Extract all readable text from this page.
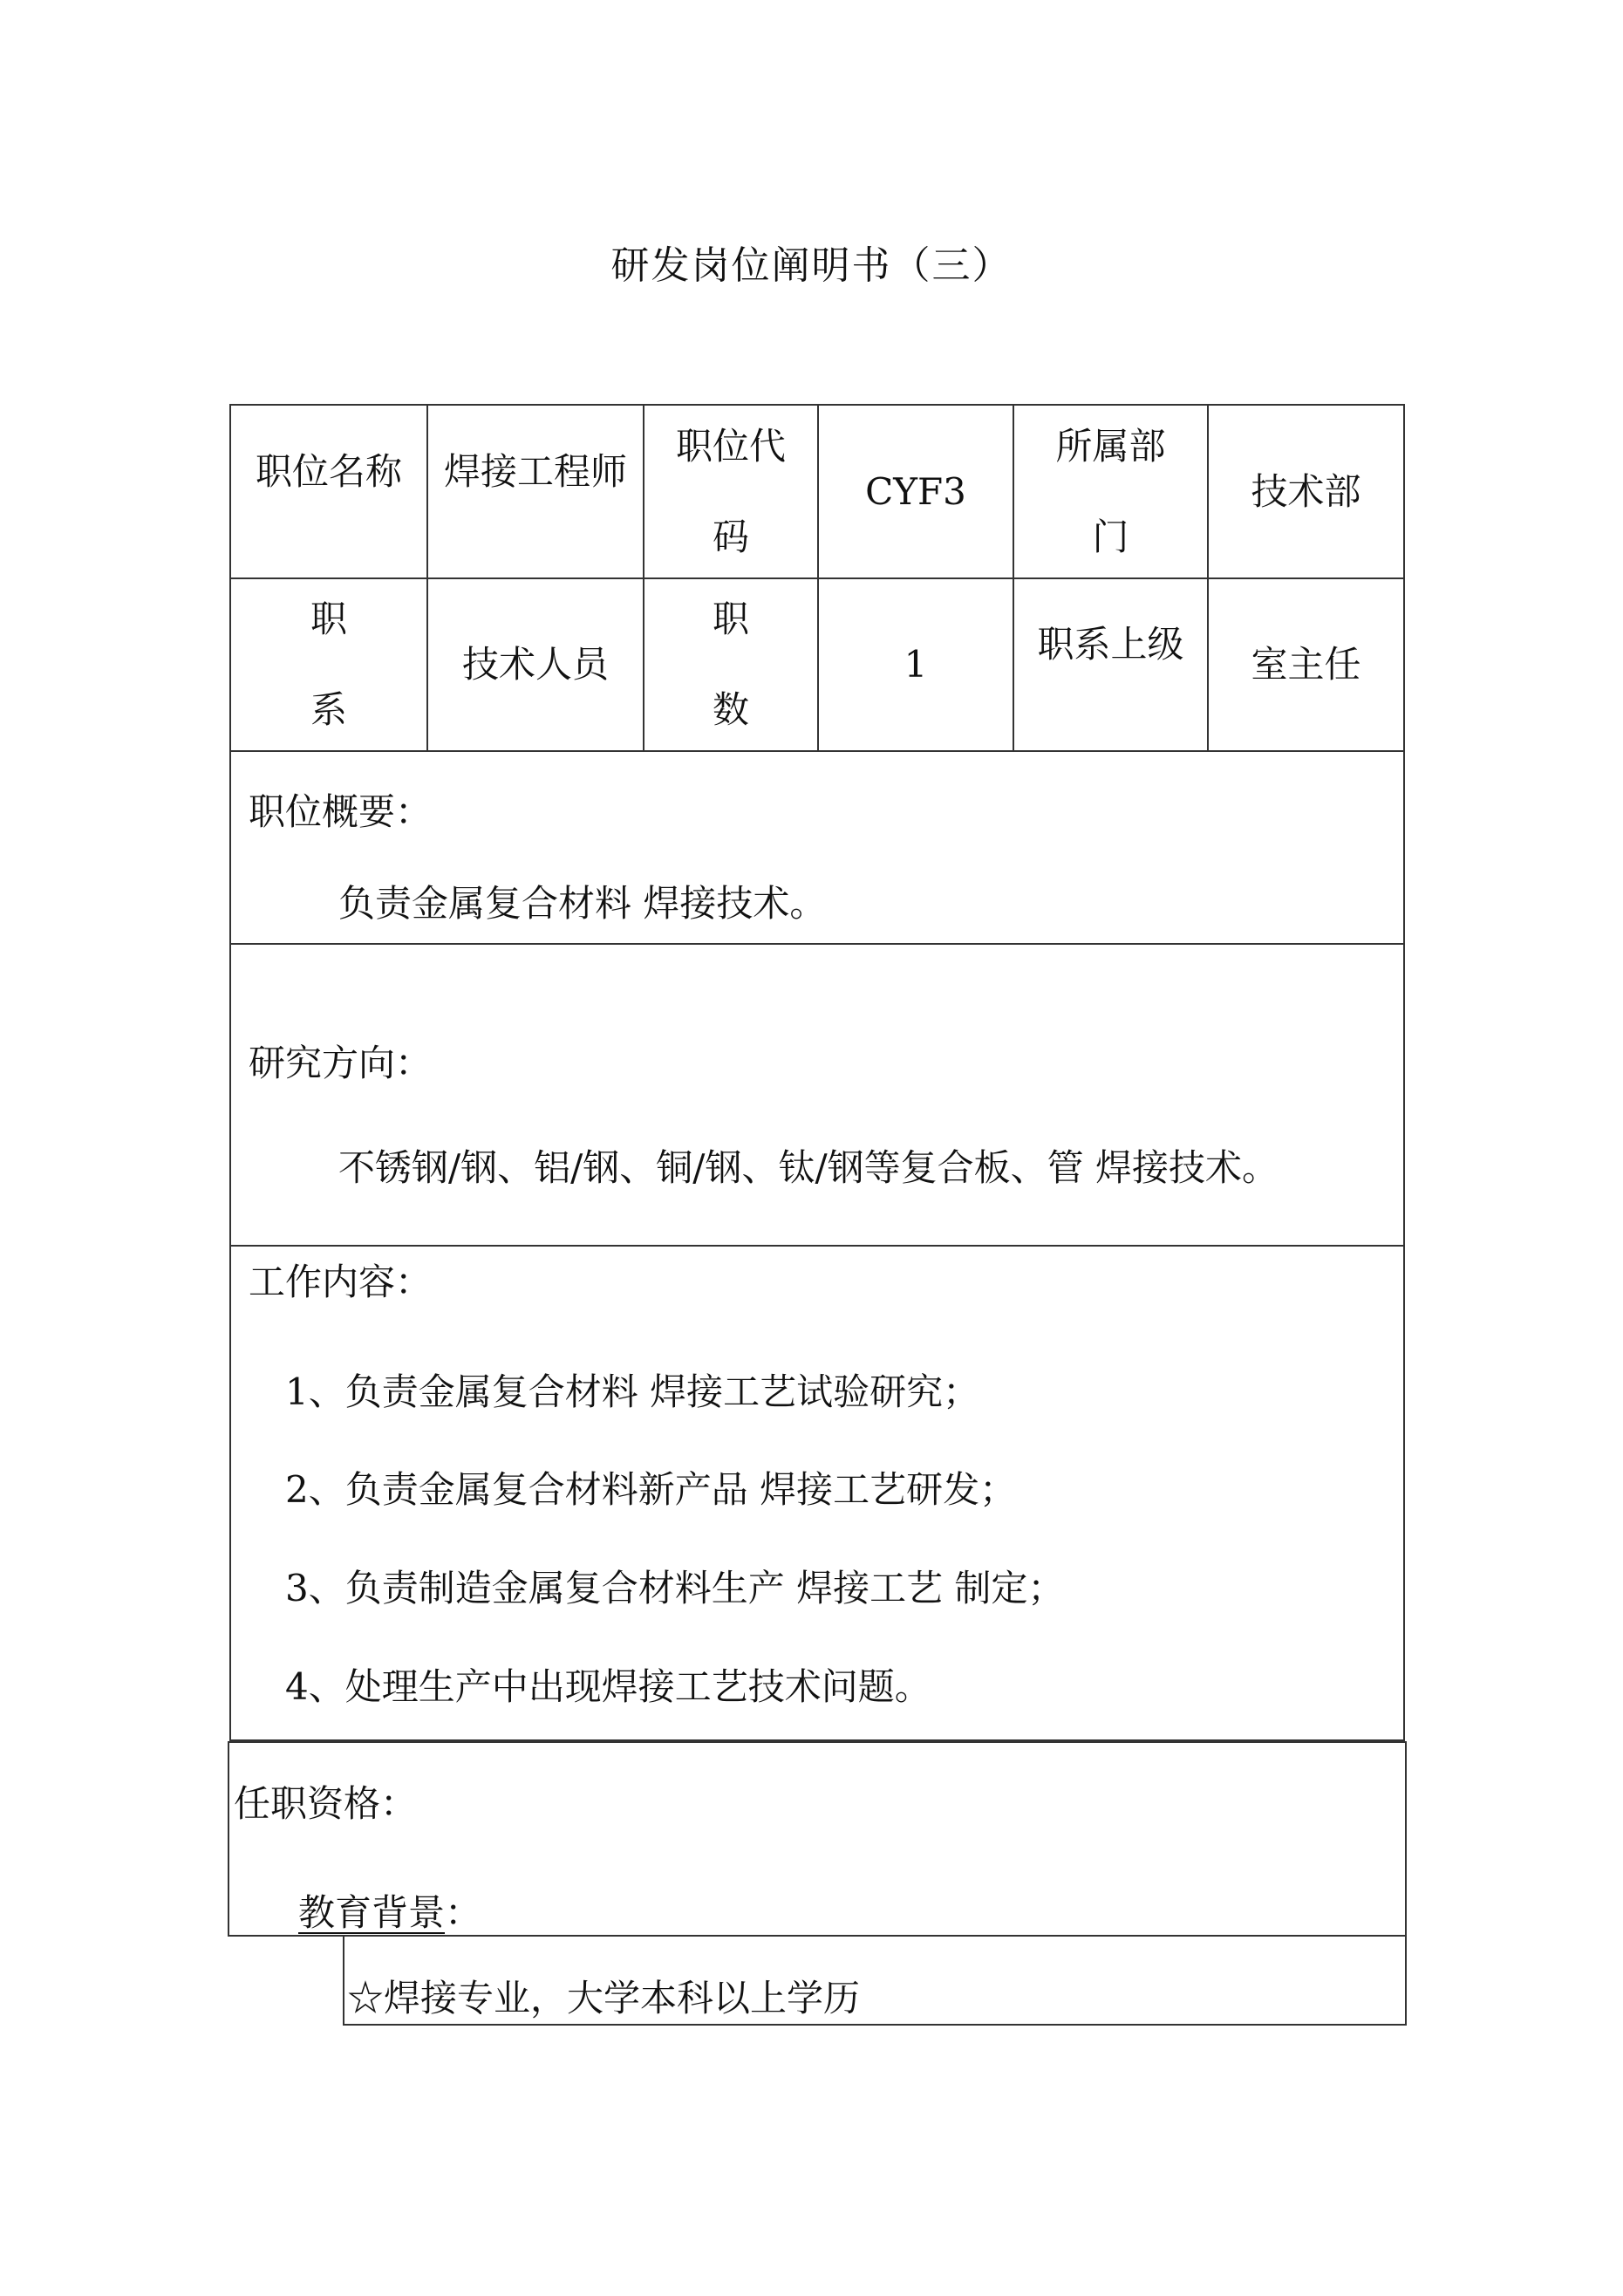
研发岗位阐明书（三）
职位名称 焊接工程师
职位代
码
CYF3
所属部
门
技术部
职
系
技术人员
职
数
1	职系上级 室主任
职位概要：
负责金属复合材料 焊接技术。
研究方向：
不锈钢/钢、铝/钢、铜/钢、钛/钢等复合板、管 焊接技术。
工作内容：
1、负责金属复合材料 焊接工艺试验研究；
2、负责金属复合材料新产品 焊接工艺研发；
3、负责制造金属复合材料生产 焊接工艺 制定；
4、处理生产中出现焊接工艺技术问题。
任职资格：
教育背景：
☆焊接专业，大学本科以上学历
